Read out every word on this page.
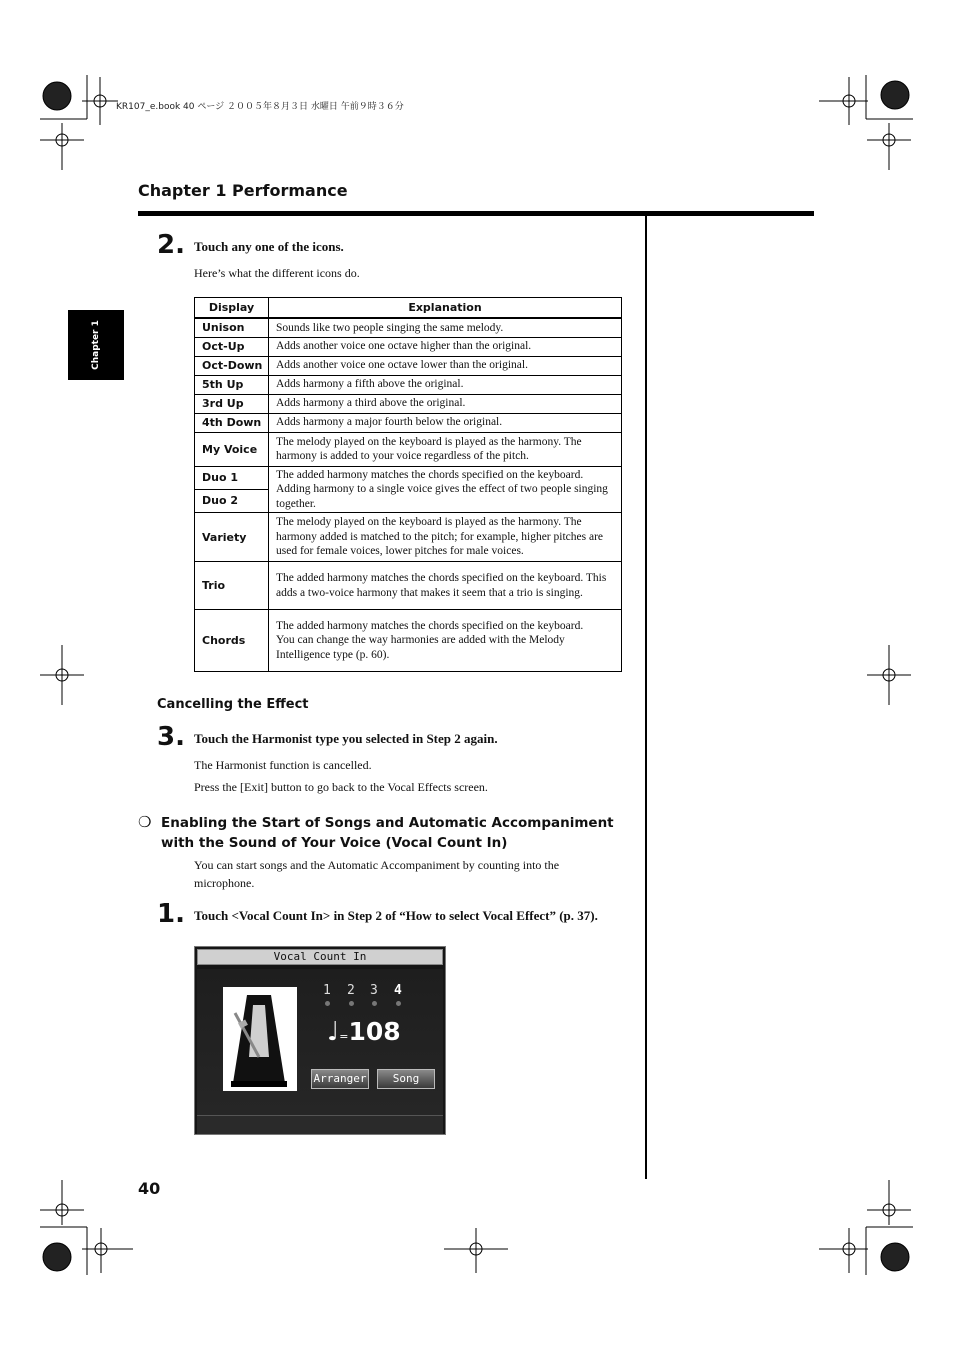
KR107_e.book 40 ページ ２００５年８月３日 水曜日 午前９時３６分
Chapter 1 Performance
Chapter 1
2. Touch any one of the icons.
Here’s what the different icons do.
Display	Explanation
Unison	Sounds like two people singing the same melody.
Oct-Up	Adds another voice one octave higher than the original.
Oct-Down	Adds another voice one octave lower than the original.
5th Up	Adds harmony a fifth above the original.
3rd Up	Adds harmony a third above the original.
4th Down	Adds harmony a major fourth below the original.
My Voice	The melody played on the keyboard is played as the harmony. The harmony is added to your voice regardless of the pitch.
Duo 1	The added harmony matches the chords specified on the keyboard. Adding harmony to a single voice gives the effect of two people singing together.
Duo 2	
Variety	The melody played on the keyboard is played as the harmony. The harmony added is matched to the pitch; for example, higher pitches are used for female voices, lower pitches for male voices.
Trio	The added harmony matches the chords specified on the keyboard. This adds a two-voice harmony that makes it seem that a trio is singing.
Chords	The added harmony matches the chords specified on the keyboard.
You can change the way harmonies are added with the Melody Intelligence type (p. 60).
Cancelling the Effect
3. Touch the Harmonist type you selected in Step 2 again.
The Harmonist function is cancelled.
Press the [Exit] button to go back to the Vocal Effects screen.
❍ Enabling the Start of Songs and Automatic Accompaniment with the Sound of Your Voice (Vocal Count In)
You can start songs and the Automatic Accompaniment by counting into the microphone.
1. Touch <Vocal Count In> in Step 2 of “How to select Vocal Effect” (p. 37).
Vocal Count In
1 2 3 4
♩=108
Arranger	Song
40
